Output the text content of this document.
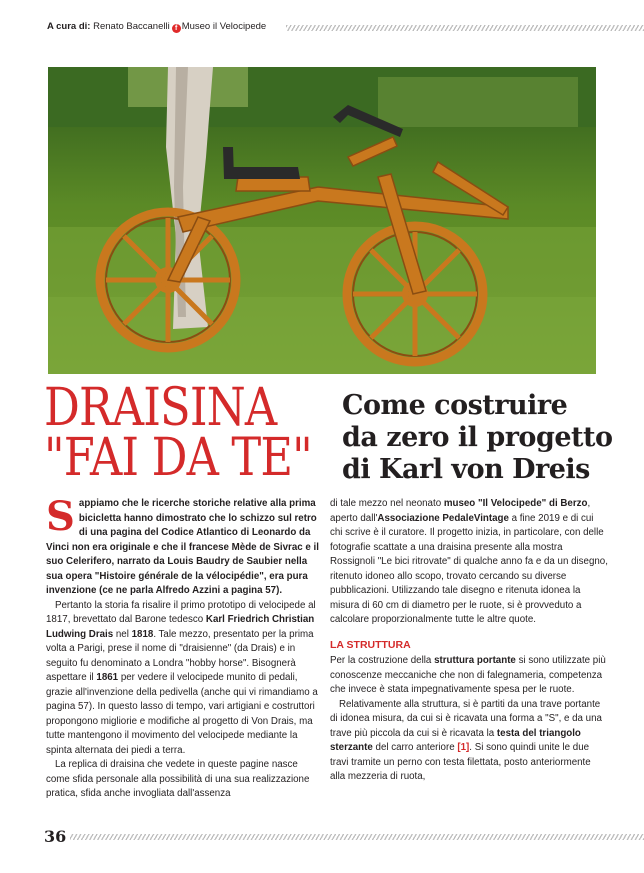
A cura di: Renato Baccanelli f Museo il Velocipede
DRAISINA
"FAI DA TE"
Come costruire
da zero il progetto
di Karl von Dreis

Sappiamo che le ricerche storiche relative alla prima bicicletta hanno dimostrato che lo schizzo sul retro di una pagina del Codice Atlantico di Leonardo da Vinci non era originale e che il francese Mède de Sivrac e il suo Celerifero, narrato da Louis Baudry de Saubier nella sua opera "Histoire générale de la vélocipédie", era pura invenzione (ce ne parla Alfredo Azzini a pagina 57).

Pertanto la storia fa risalire il primo prototipo di velocipede al 1817, brevettato dal Barone tedesco Karl Friedrich Christian Ludwing Drais nel 1818. Tale mezzo, presentato per la prima volta a Parigi, prese il nome di "draisienne" (da Drais) e in seguito fu denominato a Londra "hobby horse". Bisognerà aspettare il 1861 per vedere il velocipede munito di pedali, grazie all'invenzione della pedivella (anche qui vi rimandiamo a pagina 57). In questo lasso di tempo, vari artigiani e costruttori propongono migliorie e modifiche al progetto di Von Drais, ma tutte mantengono il movimento del velocipede mediante la spinta alternata dei piedi a terra.

La replica di draisina che vedete in queste pagine nasce come sfida personale alla possibilità di una sua realizzazione pratica, sfida anche invogliata dall'assenza

di tale mezzo nel neonato museo "Il Velocipede" di Berzo, aperto dall'Associazione PedaleVintage a fine 2019 e di cui chi scrive è il curatore. Il progetto inizia, in particolare, con delle fotografie scattate a una draisina presente alla mostra Rossignoli "Le bici ritrovate" di qualche anno fa e da un disegno, ritenuto idoneo allo scopo, trovato cercando su diverse pubblicazioni. Utilizzando tale disegno e ritenuta idonea la misura di 60 cm di diametro per le ruote, si è provveduto a calcolare proporzionalmente tutte le altre quote.

LA STRUTTURA

Per la costruzione della struttura portante si sono utilizzate più conoscenze meccaniche che non di falegnameria, competenza che invece è stata impegnativamente spesa per le ruote.

Relativamente alla struttura, si è partiti da una trave portante di idonea misura, da cui si è ricavata una forma a "S", e da una trave più piccola da cui si è ricavata la testa del triangolo sterzante del carro anteriore [1]. Si sono quindi unite le due travi tramite un perno con testa filettata, posto anteriormente alla mezzeria di ruota,

36
